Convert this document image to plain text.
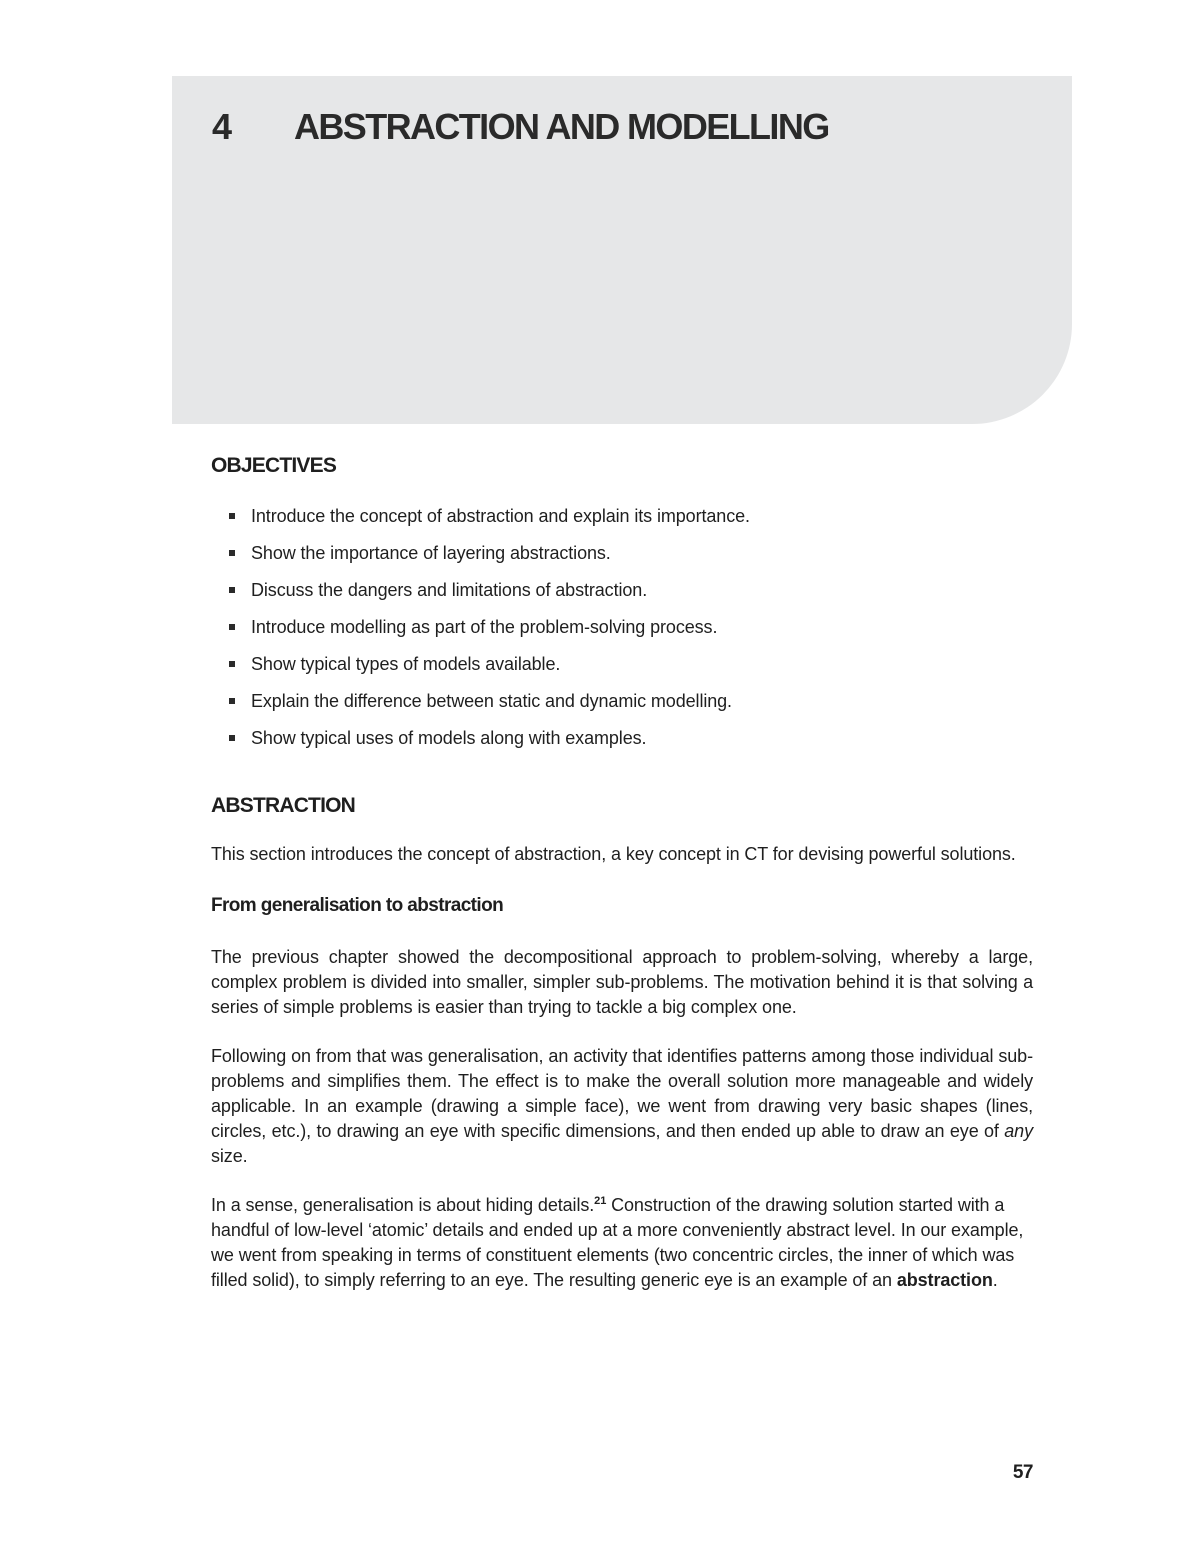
4	ABSTRACTION AND MODELLING
OBJECTIVES
Introduce the concept of abstraction and explain its importance.
Show the importance of layering abstractions.
Discuss the dangers and limitations of abstraction.
Introduce modelling as part of the problem-solving process.
Show typical types of models available.
Explain the difference between static and dynamic modelling.
Show typical uses of models along with examples.
ABSTRACTION

This section introduces the concept of abstraction, a key concept in CT for devising powerful solutions.

From generalisation to abstraction

The previous chapter showed the decompositional approach to problem-solving, whereby a large, complex problem is divided into smaller, simpler sub-problems. The motivation behind it is that solving a series of simple problems is easier than trying to tackle a big complex one.

Following on from that was generalisation, an activity that identifies patterns among those individual sub-problems and simplifies them. The effect is to make the overall solution more manageable and widely applicable. In an example (drawing a simple face), we went from drawing very basic shapes (lines, circles, etc.), to drawing an eye with specific dimensions, and then ended up able to draw an eye of any size.

In a sense, generalisation is about hiding details.$^{21}$ Construction of the drawing solution started with a handful of low-level ‘atomic’ details and ended up at a more conveniently abstract level. In our example, we went from speaking in terms of constituent elements (two concentric circles, the inner of which was filled solid), to simply referring to an eye. The resulting generic eye is an example of an abstraction.

57
